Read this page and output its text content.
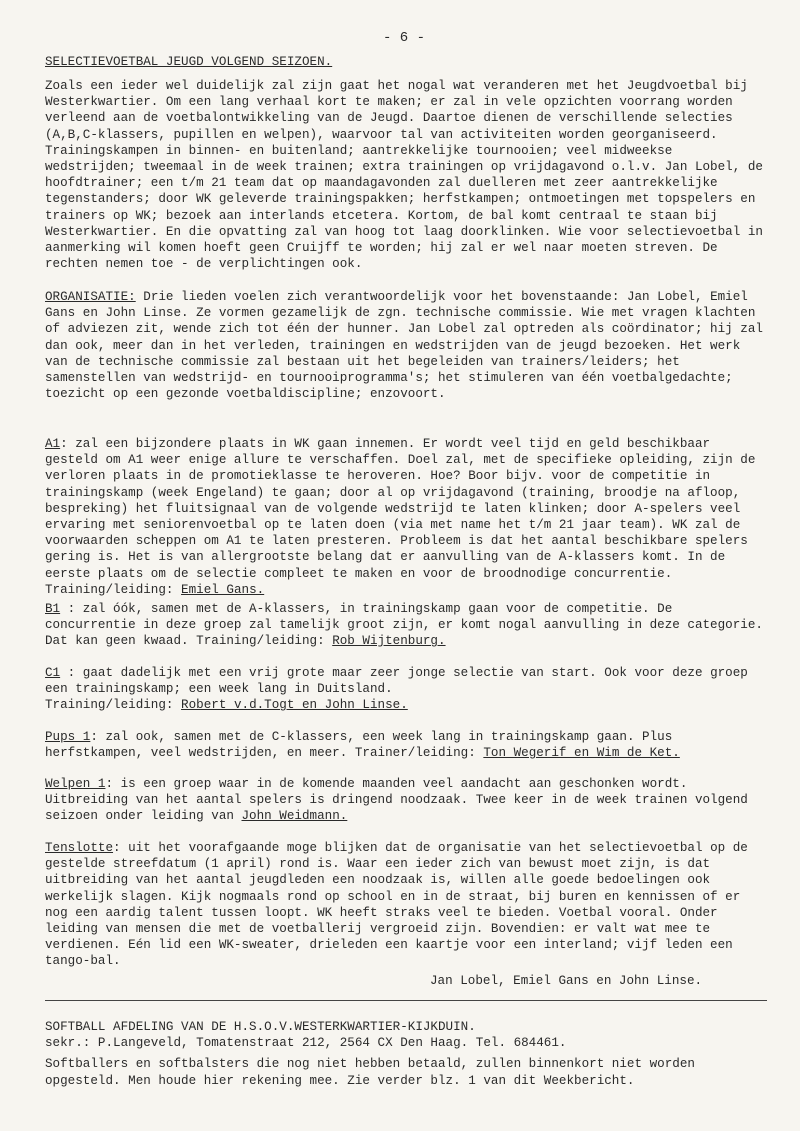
- 6 -
SELECTIEVOETBAL JEUGD VOLGEND SEIZOEN.

Zoals een ieder wel duidelijk zal zijn gaat het nogal wat veranderen met het Jeugdvoetbal bij Westerkwartier. Om een lang verhaal kort te maken; er zal in vele opzichten voorrang worden verleend aan de voetbalontwikkeling van de Jeugd. Daartoe dienen de verschillende selecties (A,B,C-klassers, pupillen en welpen), waarvoor tal van activiteiten worden georganiseerd. Trainingskampen in binnen- en buitenland; aantrekkelijke tournooien; veel midweekse wedstrijden; tweemaal in de week trainen; extra trainingen op vrijdagavond o.l.v. Jan Lobel, de hoofdtrainer; een t/m 21 team dat op maandagavonden zal duelleren met zeer aantrekkelijke tegenstanders; door WK geleverde trainingspakken; herfstkampen; ontmoetingen met topspelers en trainers op WK; bezoek aan interlands etcetera. Kortom, de bal komt centraal te staan bij Westerkwartier. En die opvatting zal van hoog tot laag doorklinken. Wie voor selectievoetbal in aanmerking wil komen hoeft geen Cruijff te worden; hij zal er wel naar moeten streven. De rechten nemen toe - de verplichtingen ook.

ORGANISATIE: Drie lieden voelen zich verantwoordelijk voor het bovenstaande: Jan Lobel, Emiel Gans en John Linse. Ze vormen gezamelijk de zgn. technische commissie. Wie met vragen klachten of adviezen zit, wende zich tot één der hunner. Jan Lobel zal optreden als coördinator; hij zal dan ook, meer dan in het verleden, trainingen en wedstrijden van de jeugd bezoeken. Het werk van de technische commissie zal bestaan uit het begeleiden van trainers/leiders; het samenstellen van wedstrijd- en tournooiprogramma's; het stimuleren van één voetbalgedachte; toezicht op een gezonde voetbaldiscipline; enzovoort.

A1: zal een bijzondere plaats in WK gaan innemen. Er wordt veel tijd en geld beschikbaar gesteld om A1 weer enige allure te verschaffen. Doel zal, met de specifieke opleiding, zijn de verloren plaats in de promotieklasse te heroveren. Hoe? Boor bijv. voor de competitie in trainingskamp (week Engeland) te gaan; door al op vrijdagavond (training, broodje na afloop, bespreking) het fluitsignaal van de volgende wedstrijd te laten klinken; door A-spelers veel ervaring met seniorenvoetbal op te laten doen (via met name het t/m 21 jaar team). WK zal de voorwaarden scheppen om A1 te laten presteren. Probleem is dat het aantal beschikbare spelers gering is. Het is van allergrootste belang dat er aanvulling van de A-klassers komt. In de eerste plaats om de selectie compleet te maken en voor de broodnodige concurrentie. Training/leiding: Emiel Gans.

B1 : zal óók, samen met de A-klassers, in trainingskamp gaan voor de competitie. De concurrentie in deze groep zal tamelijk groot zijn, er komt nogal aanvulling in deze categorie. Dat kan geen kwaad. Training/leiding: Rob Wijtenburg.

C1 : gaat dadelijk met een vrij grote maar zeer jonge selectie van start. Ook voor deze groep een trainingskamp; een week lang in Duitsland.

Training/leiding: Robert v.d.Togt en John Linse.

Pups 1: zal ook, samen met de C-klassers, een week lang in trainingskamp gaan. Plus herfstkampen, veel wedstrijden, en meer. Trainer/leiding: Ton Wegerif en Wim de Ket.

Welpen 1: is een groep waar in de komende maanden veel aandacht aan geschonken wordt. Uitbreiding van het aantal spelers is dringend noodzaak. Twee keer in de week trainen volgend seizoen onder leiding van John Weidmann.

Tenslotte: uit het voorafgaande moge blijken dat de organisatie van het selectievoetbal op de gestelde streefdatum (1 april) rond is. Waar een ieder zich van bewust moet zijn, is dat uitbreiding van het aantal jeugdleden een noodzaak is, willen alle goede bedoelingen ook werkelijk slagen. Kijk nogmaals rond op school en in de straat, bij buren en kennissen of er nog een aardig talent tussen loopt. WK heeft straks veel te bieden. Voetbal vooral. Onder leiding van mensen die met de voetballerij vergroeid zijn. Bovendien: er valt wat mee te verdienen. Eén lid een WK-sweater, drieleden een kaartje voor een interland; vijf leden een tango-bal.

Jan Lobel, Emiel Gans en John Linse.

SOFTBALL AFDELING VAN DE H.S.O.V.WESTERKWARTIER-KIJKDUIN.

sekr.: P.Langeveld, Tomatenstraat 212, 2564 CX Den Haag. Tel. 684461.

Softballers en softbalsters die nog niet hebben betaald, zullen binnenkort niet worden opgesteld. Men houde hier rekening mee. Zie verder blz. 1 van dit Weekbericht.
